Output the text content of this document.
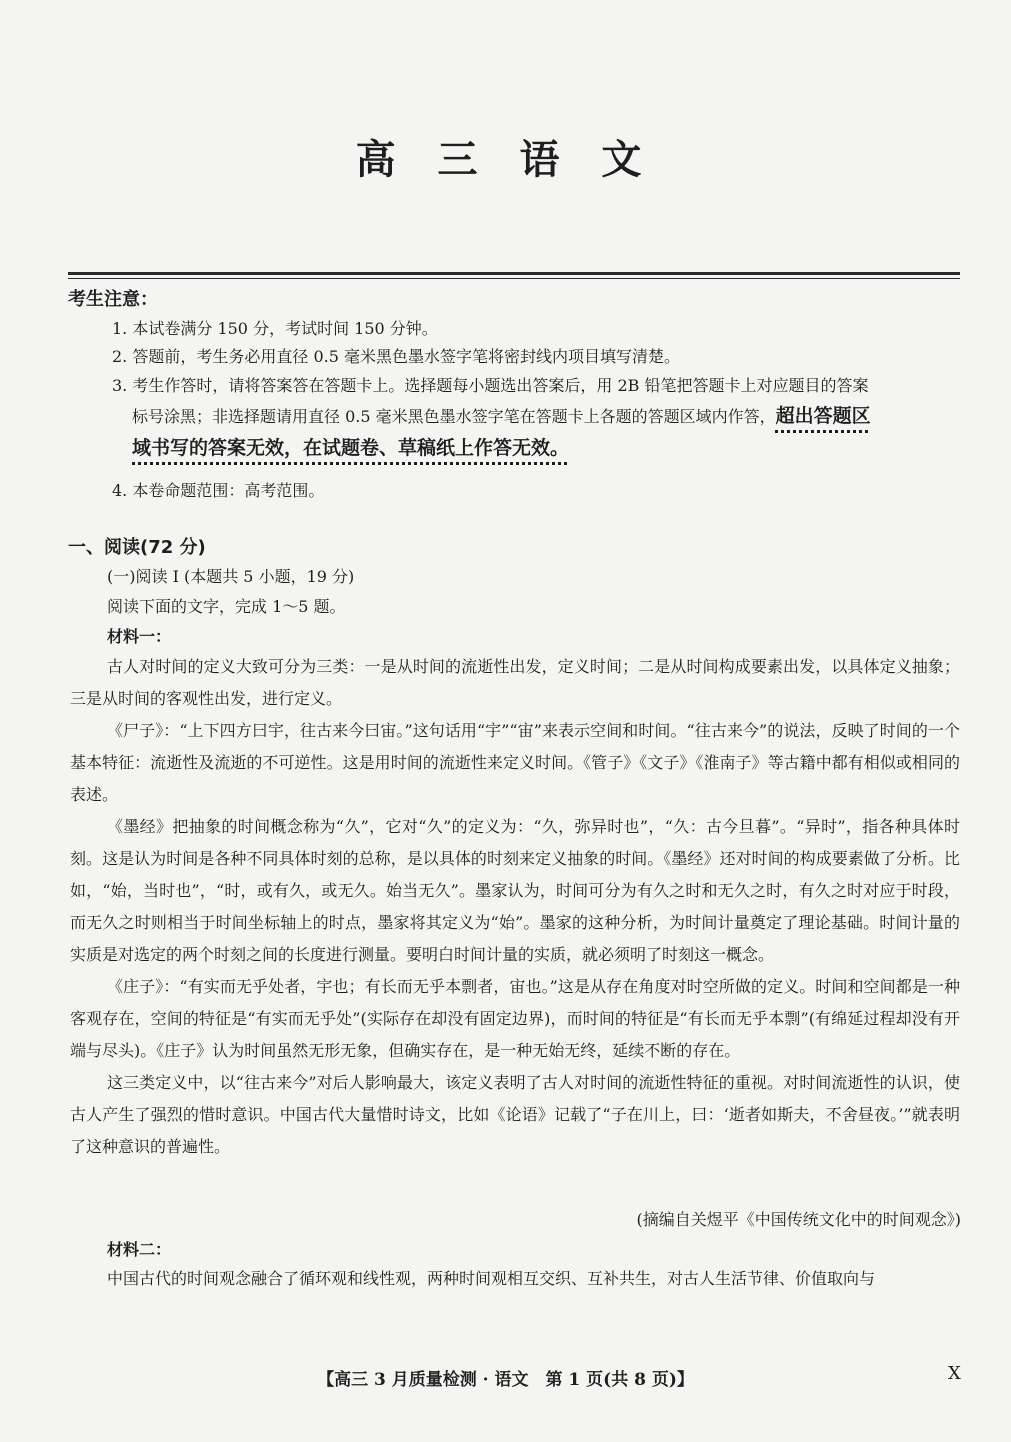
高 三 语 文
考生注意：
1. 本试卷满分 150 分，考试时间 150 分钟。
2. 答题前，考生务必用直径 0.5 毫米黑色墨水签字笔将密封线内项目填写清楚。
3. 考生作答时，请将答案答在答题卡上。选择题每小题选出答案后，用 2B 铅笔把答题卡上对应题目的答案
标号涂黑；非选择题请用直径 0.5 毫米黑色墨水签字笔在答题卡上各题的答题区域内作答，超出答题区
域书写的答案无效，在试题卷、草稿纸上作答无效。
4. 本卷命题范围：高考范围。
一、阅读(72 分)
(一)阅读 I (本题共 5 小题，19 分)
阅读下面的文字，完成 1～5 题。
材料一：

古人对时间的定义大致可分为三类：一是从时间的流逝性出发，定义时间；二是从时间构成要素出发，以具体定义抽象；三是从时间的客观性出发，进行定义。

《尸子》：“上下四方曰宇，往古来今曰宙。”这句话用“宇”“宙”来表示空间和时间。“往古来今”的说法，反映了时间的一个基本特征：流逝性及流逝的不可逆性。这是用时间的流逝性来定义时间。《管子》《文子》《淮南子》等古籍中都有相似或相同的表述。

《墨经》把抽象的时间概念称为“久”，它对“久”的定义为：“久，弥异时也”，“久：古今旦暮”。“异时”，指各种具体时刻。这是认为时间是各种不同具体时刻的总称，是以具体的时刻来定义抽象的时间。《墨经》还对时间的构成要素做了分析。比如，“始，当时也”，“时，或有久，或无久。始当无久”。墨家认为，时间可分为有久之时和无久之时，有久之时对应于时段，而无久之时则相当于时间坐标轴上的时点，墨家将其定义为“始”。墨家的这种分析，为时间计量奠定了理论基础。时间计量的实质是对选定的两个时刻之间的长度进行测量。要明白时间计量的实质，就必须明了时刻这一概念。

《庄子》：“有实而无乎处者，宇也；有长而无乎本剽者，宙也。”这是从存在角度对时空所做的定义。时间和空间都是一种客观存在，空间的特征是“有实而无乎处”(实际存在却没有固定边界)，而时间的特征是“有长而无乎本剽”(有绵延过程却没有开端与尽头)。《庄子》认为时间虽然无形无象，但确实存在，是一种无始无终，延续不断的存在。

这三类定义中，以“往古来今”对后人影响最大，该定义表明了古人对时间的流逝性特征的重视。对时间流逝性的认识，使古人产生了强烈的惜时意识。中国古代大量惜时诗文，比如《论语》记载了“子在川上，曰：‘逝者如斯夫，不舍昼夜。’”就表明了这种意识的普遍性。

(摘编自关煜平《中国传统文化中的时间观念》)
材料二：
中国古代的时间观念融合了循环观和线性观，两种时间观相互交织、互补共生，对古人生活节律、价值取向与
【高三 3 月质量检测 · 语文　第 1 页(共 8 页)】	X
